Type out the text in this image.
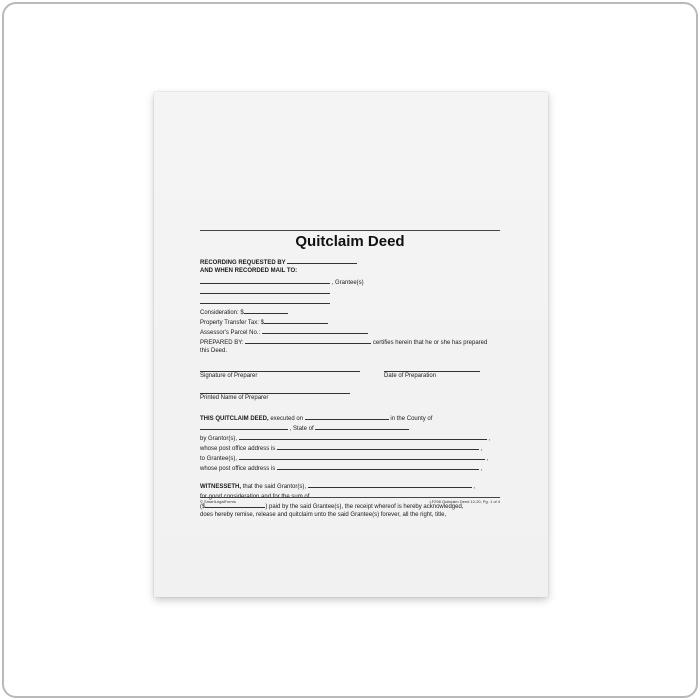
Quitclaim Deed
RECORDING REQUESTED BY
AND WHEN RECORDED MAIL TO:
, Grantee(s)
Consideration: $
Property Transfer Tax: $
Assessor's Parcel No.:
PREPARED BY:	certifies herein that he or she has prepared
this Deed.
Signature of Preparer	Date of Preparation
Printed Name of Preparer
THIS QUITCLAIM DEED, executed on	in the County of
, State of
by Grantor(s),	,
whose post office address is	,
to Grantee(s),	,
whose post office address is	,
WITNESSETH, that the said Grantor(s),	,
for good consideration and for the sum of
($	) paid by the said Grantee(s), the receipt whereof is hereby acknowledged,
does hereby remise, release and quitclaim unto the said Grantee(s) forever, all the right, title,
© SmartLegalForms	LF298 Quitclaim Deed 12-20, Pg. 1 of 4
